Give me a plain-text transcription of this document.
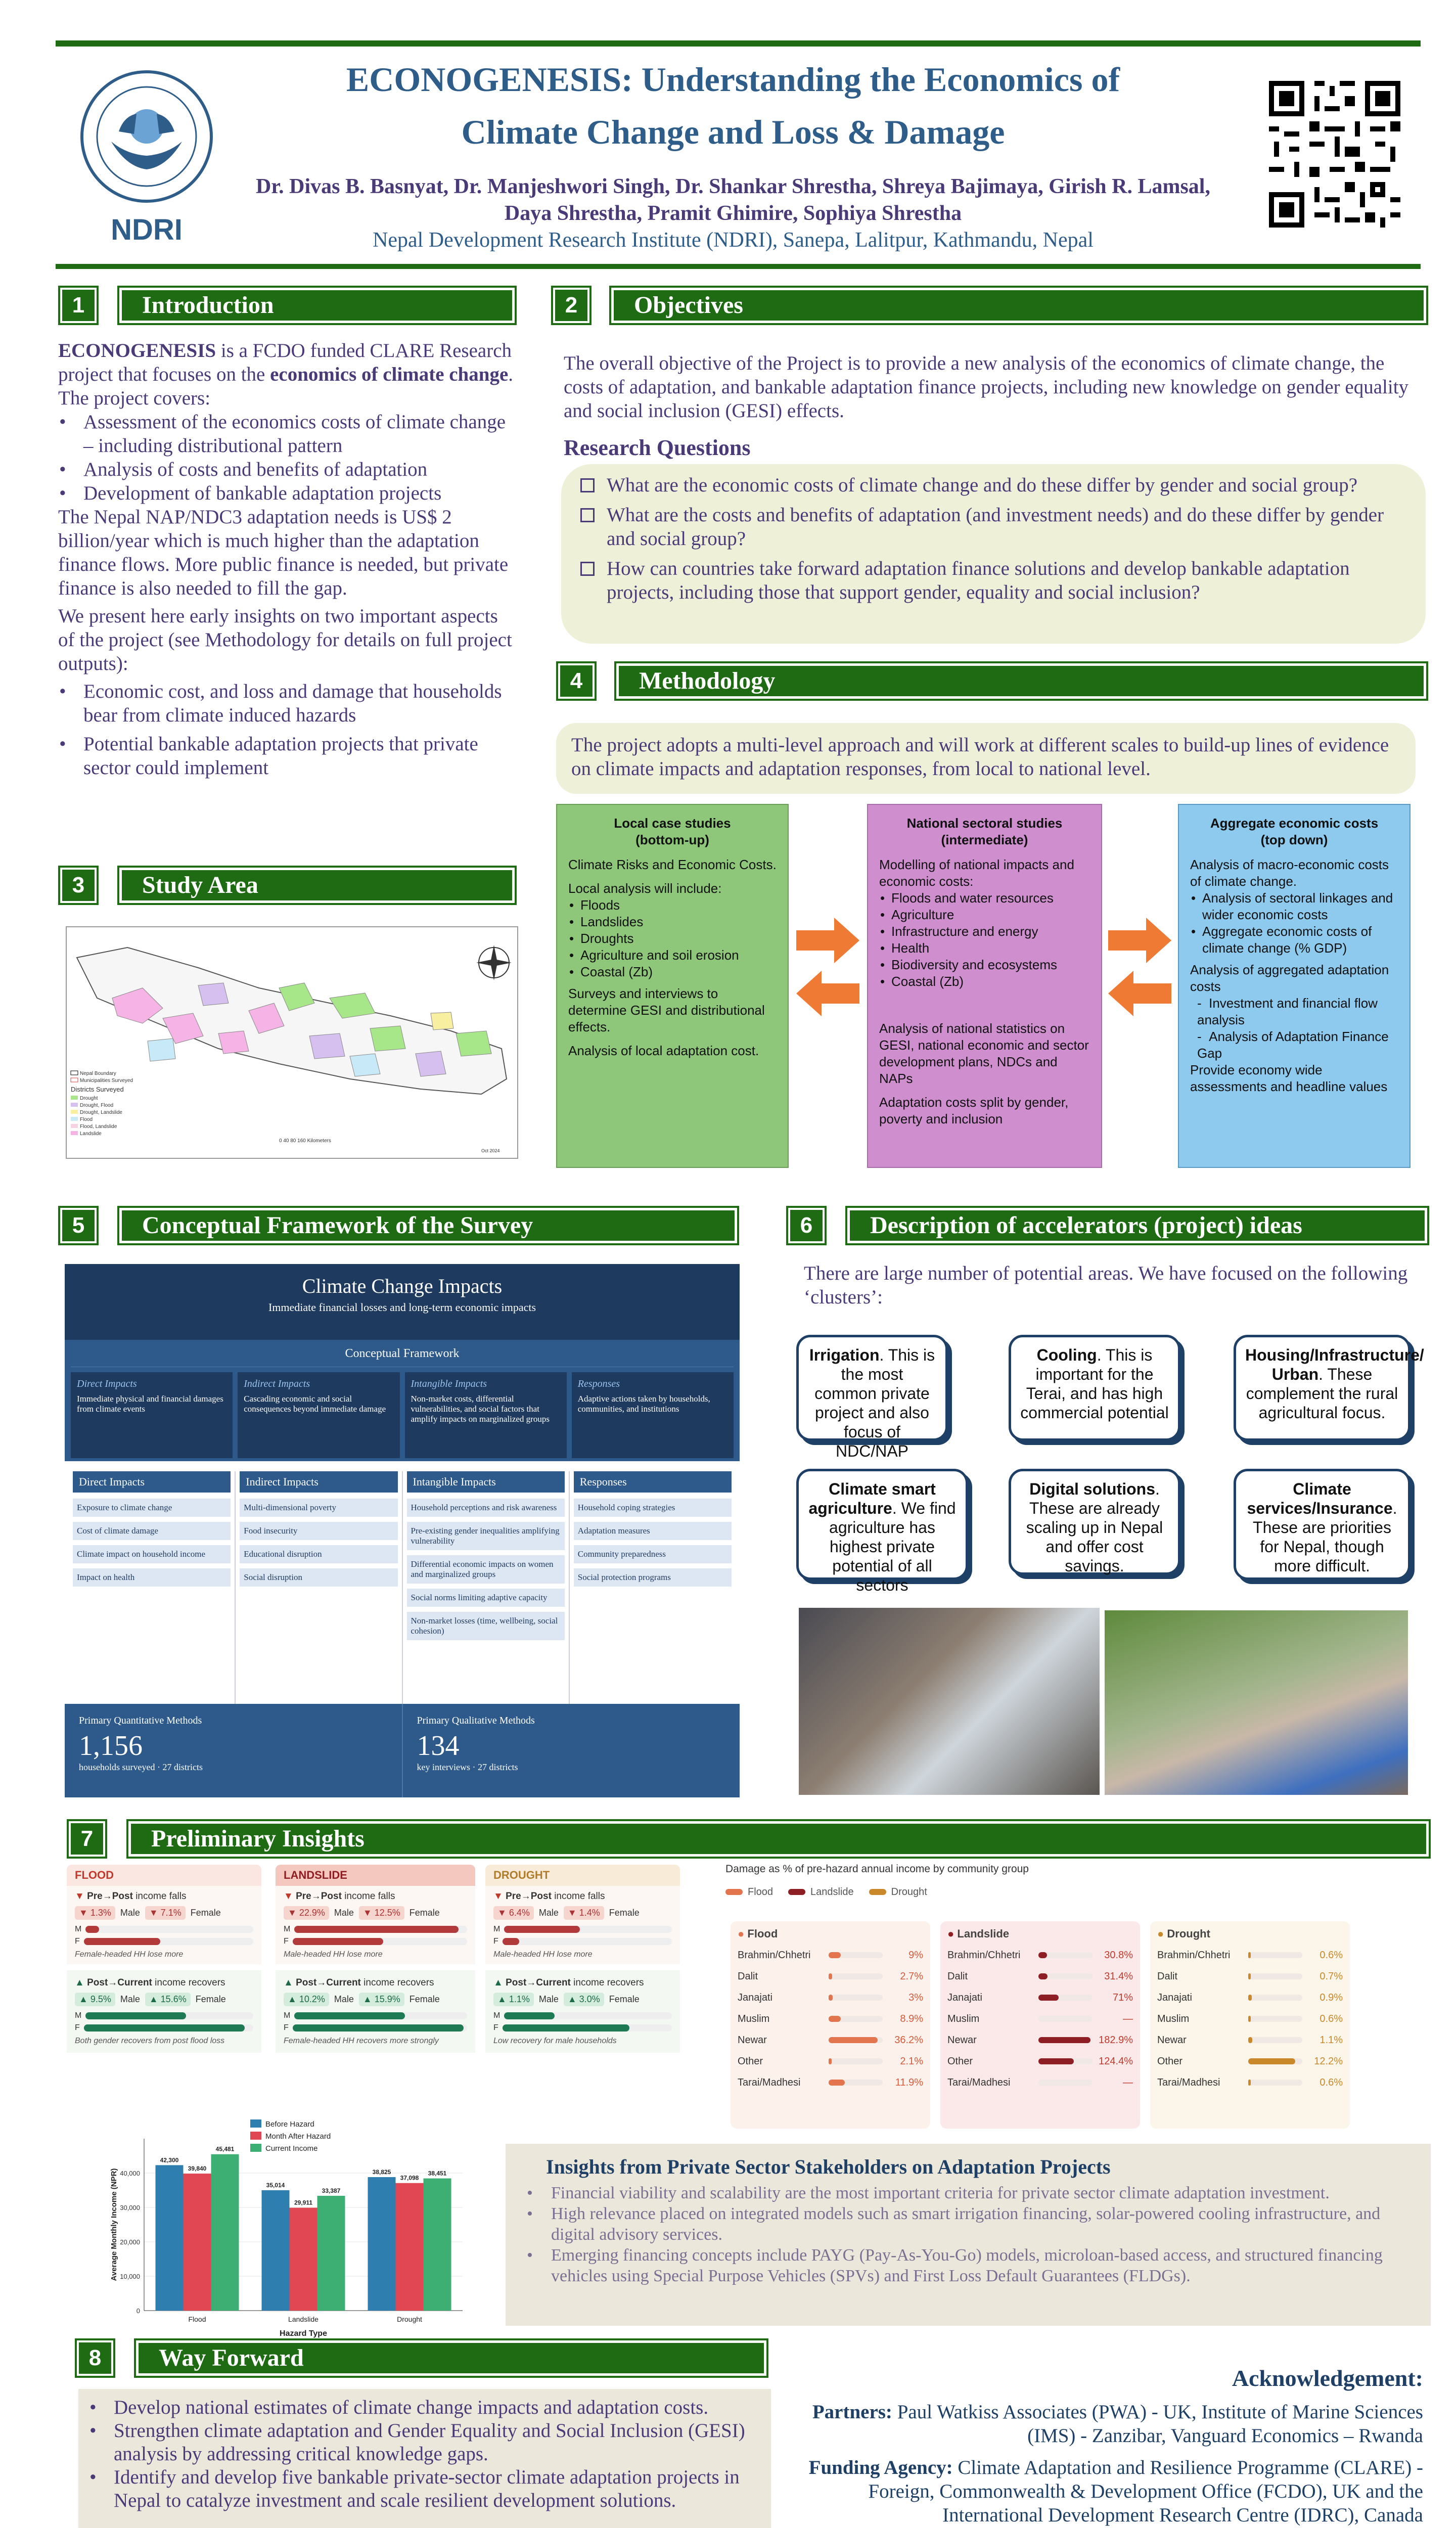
NDRI
ECONOGENESIS: Understanding the Economics of
Climate Change and Loss & Damage
Dr. Divas B. Basnyat, Dr. Manjeshwori Singh, Dr. Shankar Shrestha, Shreya Bajimaya, Girish R. Lamsal,
Daya Shrestha, Pramit Ghimire, Sophiya Shrestha
Nepal Development Research Institute (NDRI), Sanepa, Lalitpur, Kathmandu, Nepal
1	Introduction

ECONOGENESIS is a FCDO funded CLARE Research project that focuses on the economics of climate change. The project covers:

• Assessment of the economics costs of climate change – including distributional pattern
• Analysis of costs and benefits of adaptation
• Development of bankable adaptation projects

The Nepal NAP/NDC3 adaptation needs is US$ 2 billion/year which is much higher than the adaptation finance flows. More public finance is needed, but private finance is also needed to fill the gap.

We present here early insights on two important aspects of the project (see Methodology for details on full project outputs):

• Economic cost, and loss and damage that households bear from climate induced hazards
• Potential bankable adaptation projects that private sector could implement
2	Objectives
The overall objective of the Project is to provide a new analysis of the economics of climate change, the costs of adaptation, and bankable adaptation finance projects, including new knowledge on gender equality and social inclusion (GESI) effects.
Research Questions
What are the economic costs of climate change and do these differ by gender and social group?
What are the costs and benefits of adaptation (and investment needs) and do these differ by gender and social group?
How can countries take forward adaptation finance solutions and develop bankable adaptation projects, including those that support gender, equality and social inclusion?
3	Study Area
Nepal Boundary
Municipalities Surveyed
Districts Surveyed
Drought
Drought, Flood
Drought, Landslide
Flood
Flood, Landslide
Landslide
0 40 80 160 Kilometers
Oct 2024
4	Methodology
The project adopts a multi-level approach and will work at different scales to build-up lines of evidence on climate impacts and adaptation responses, from local to national level.
Local case studies
(bottom-up)

Climate Risks and Economic Costs.

Local analysis will include:

• Floods
• Landslides
• Droughts
• Agriculture and soil erosion
• Coastal (Zb)

Surveys and interviews to determine GESI and distributional effects.

Analysis of local adaptation cost.

National sectoral studies
(intermediate)

Modelling of national impacts and economic costs:

• Floods and water resources
• Agriculture
• Infrastructure and energy
• Health
• Biodiversity and ecosystems
• Coastal (Zb)

Analysis of national statistics on GESI, national economic and sector development plans, NDCs and NAPs

Adaptation costs split by gender, poverty and inclusion

Aggregate economic costs
(top down)

Analysis of macro-economic costs of climate change.

• Analysis of sectoral linkages and wider economic costs
• Aggregate economic costs of climate change (% GDP)

Analysis of aggregated adaptation costs

-  Investment and financial flow analysis

-  Analysis of Adaptation Finance Gap

Provide economy wide assessments and headline values

5	Conceptual Framework of the Survey
Climate Change Impacts
Immediate financial losses and long-term economic impacts
Conceptual Framework
Direct Impacts

Immediate physical and financial damages from climate events

Indirect Impacts

Cascading economic and social consequences beyond immediate damage

Intangible Impacts

Non-market costs, differential vulnerabilities, and social factors that amplify impacts on marginalized groups

Responses

Adaptive actions taken by households, communities, and institutions

Direct Impacts
Exposure to climate change
Cost of climate damage
Climate impact on household income
Impact on health
Indirect Impacts
Multi-dimensional poverty
Food insecurity
Educational disruption
Social disruption
Intangible Impacts
Household perceptions and risk awareness
Pre-existing gender inequalities amplifying vulnerability
Differential economic impacts on women and marginalized groups
Social norms limiting adaptive capacity
Non-market losses (time, wellbeing, social cohesion)
Responses
Household coping strategies
Adaptation measures
Community preparedness
Social protection programs
Primary Quantitative Methods
1,156
households surveyed · 27 districts
Primary Qualitative Methods
134
key interviews · 27 districts
6	Description of accelerators (project) ideas
There are large number of potential areas. We have focused on the following ‘clusters’:
Irrigation. This is the most common private project and also focus of NDC/NAP
Cooling. This is important for the Terai, and has high commercial potential
Housing/Infrastructure/ Urban. These complement the rural agricultural focus.
Climate smart agriculture. We find agriculture has highest private potential of all sectors
Digital solutions. These are already scaling up in Nepal and offer cost savings.
Climate services/Insurance. These are priorities for Nepal, though more difficult.
7	Preliminary Insights
FLOOD
▼ Pre→Post income falls
▼ 1.3%	Male	▼ 7.1%	Female
M
F
Female-headed HH lose more
▲ Post→Current income recovers
▲ 9.5%	Male	▲ 15.6%	Female
M
F
Both gender recovers from post flood loss
LANDSLIDE
▼ Pre→Post income falls
▼ 22.9%	Male	▼ 12.5%	Female
M
F
Male-headed HH lose more
▲ Post→Current income recovers
▲ 10.2%	Male	▲ 15.9%	Female
M
F
Female-headed HH recovers more strongly
DROUGHT
▼ Pre→Post income falls
▼ 6.4%	Male	▼ 1.4%	Female
M
F
Male-headed HH lose more
▲ Post→Current income recovers
▲ 1.1%	Male	▲ 3.0%	Female
M
F
Low recovery for male households
Damage as % of pre-hazard annual income by community group
Flood	Landslide	Drought
● Flood
Brahmin/Chhetri	9%
Dalit	2.7%
Janajati	3%
Muslim	8.9%
Newar	36.2%
Other	2.1%
Tarai/Madhesi	11.9%
● Landslide
Brahmin/Chhetri	30.8%
Dalit	31.4%
Janajati	71%
Muslim	—
Newar	182.9%
Other	124.4%
Tarai/Madhesi	—
● Drought
Brahmin/Chhetri	0.6%
Dalit	0.7%
Janajati	0.9%
Muslim	0.6%
Newar	1.1%
Other	12.2%
Tarai/Madhesi	0.6%
0
10,000
20,000
30,000
40,000
42,300
39,840
45,481
Flood
35,014
29,911
33,387
Landslide
38,825
37,098
38,451
Drought
Hazard Type
Average Monthly Income (NPR)
Before Hazard
Month After Hazard
Current Income
Insights from Private Sector Stakeholders on Adaptation Projects
• Financial viability and scalability are the most important criteria for private sector climate adaptation investment.
• High relevance placed on integrated models such as smart irrigation financing, solar-powered cooling infrastructure, and digital advisory services.
• Emerging financing concepts include PAYG (Pay-As-You-Go) models, microloan-based access, and structured financing vehicles using Special Purpose Vehicles (SPVs) and First Loss Default Guarantees (FLDGs).
8	Way Forward
• Develop national estimates of climate change impacts and adaptation costs.
• Strengthen climate adaptation and Gender Equality and Social Inclusion (GESI) analysis by addressing critical knowledge gaps.
• Identify and develop five bankable private-sector climate adaptation projects in Nepal to catalyze investment and scale resilient development solutions.
Acknowledgement:

Partners: Paul Watkiss Associates (PWA) - UK, Institute of Marine Sciences (IMS) - Zanzibar, Vanguard Economics – Rwanda

Funding Agency: Climate Adaptation and Resilience Programme (CLARE) - Foreign, Commonwealth & Development Office (FCDO), UK and the International Development Research Centre (IDRC), Canada
